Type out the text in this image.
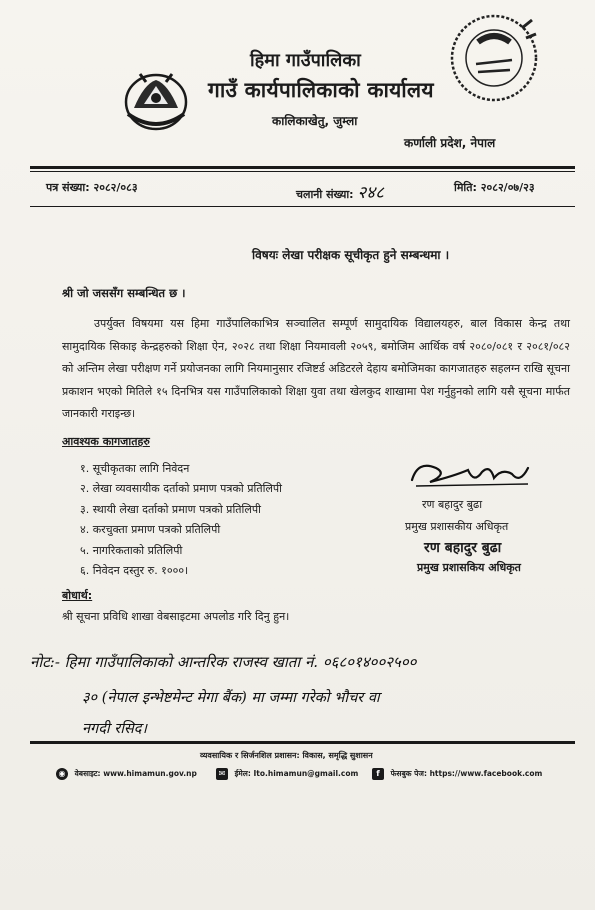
हिमा गाउँपालिका
गाउँ कार्यपालिकाको कार्यालय
कालिकाखेतु, जुम्ला
कर्णाली प्रदेश, नेपाल
पत्र संख्या: २०८२/०८३
चलानी संख्या: २४८	मिति: २०८२/०७/२३
विषयः लेखा परीक्षक सूचीकृत हुने सम्बन्धमा ।
श्री जो जससँग सम्बन्धित छ ।
उपर्युक्त विषयमा यस हिमा गाउँपालिकाभित्र सञ्चालित सम्पूर्ण सामुदायिक विद्यालयहरु, बाल विकास केन्द्र तथा सामुदायिक सिकाइ केन्द्रहरुको शिक्षा ऐन, २०२८ तथा शिक्षा नियमावली २०५९, बमोजिम आर्थिक वर्ष २०८०/०८१ र २०८१/०८२ को अन्तिम लेखा परीक्षण गर्ने प्रयोजनका लागि नियमानुसार रजिष्टर्ड अडिटरले देहाय बमोजिमका कागजातहरु सहलग्न राखि सूचना प्रकाशन भएको मितिले १५ दिनभित्र यस गाउँपालिकाको शिक्षा युवा तथा खेलकुद शाखामा पेश गर्नुहुनको लागि यसै सूचना मार्फत जानकारी गराइन्छ।
आवश्यक कागजातहरु
१. सूचीकृतका लागि निवेदन
२. लेखा व्यवसायीक दर्ताको प्रमाण पत्रको प्रतिलिपी
३. स्थायी लेखा दर्ताको प्रमाण पत्रको प्रतिलिपी
४. करचुक्ता प्रमाण पत्रको प्रतिलिपी
५. नागरिकताको प्रतिलिपी
६. निवेदन दस्तुर रु. १०००।
रण बहादुर बुढा
प्रमुख प्रशासकीय अधिकृत
रण बहादुर बुढा
प्रमुख प्रशासकिय अधिकृत
बोधार्थ:
श्री सूचना प्रविधि शाखा वेबसाइटमा अपलोड गरि दिनु हुन।
नोट:- हिमा गाउँपालिकाको आन्तरिक राजस्व खाता नं. ०६८०१४००२५००
३० (नेपाल इन्भेष्टमेन्ट मेगा बैंक) मा जम्मा गरेको भौचर वा
नगदी रसिद।
व्यवसायिक र सिर्जनशिल प्रशासन: विकास, समृद्धि सुशासन
◉ वेबसाइट: www.himamun.gov.np	✉ ईमेल: Ito.himamun@gmail.com	f फेसबुक पेज: https://www.facebook.com
